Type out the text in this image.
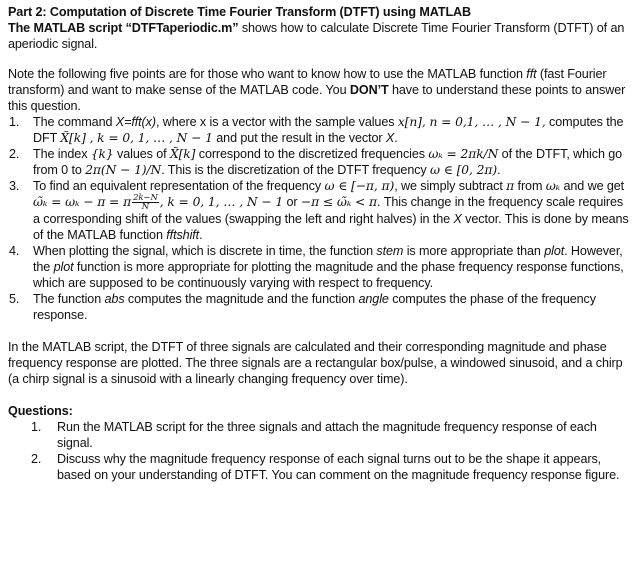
Part 2: Computation of Discrete Time Fourier Transform (DTFT) using MATLAB

The MATLAB script “DTFTaperiodic.m” shows how to calculate Discrete Time Fourier Transform (DTFT) of an aperiodic signal.

Note the following five points are for those who want to know how to use the MATLAB function fft (fast Fourier transform) and want to make sense of the MATLAB code. You DON’T have to understand these points to answer this question.

1. The command X=fft(x), where x is a vector with the sample values x[n], n = 0,1, … , N − 1, computes the DFT X̃[k] , k = 0, 1, … , N − 1 and put the result in the vector X.
2. The index {k} values of X̃[k] correspond to the discretized frequencies ωₖ = 2πk/N of the DTFT, which go from 0 to 2π(N − 1)/N. This is the discretization of the DTFT frequency ω ∈ [0, 2π).
3. To find an equivalent representation of the frequency ω ∈ [−π, π), we simply subtract π from ωₖ and we get ω̃ₖ = ωₖ − π = π $\frac{2k-N}{N}$ , k = 0, 1, … , N − 1 or −π ≤ ω̃ₖ < π. This change in the frequency scale requires a corresponding shift of the values (swapping the left and right halves) in the X vector. This is done by means of the MATLAB function fftshift.
4. When plotting the signal, which is discrete in time, the function stem is more appropriate than plot. However, the plot function is more appropriate for plotting the magnitude and the phase frequency response functions, which are supposed to be continuously varying with respect to frequency.
5. The function abs computes the magnitude and the function angle computes the phase of the frequency response.

In the MATLAB script, the DTFT of three signals are calculated and their corresponding magnitude and phase frequency response are plotted. The three signals are a rectangular box/pulse, a windowed sinusoid, and a chirp (a chirp signal is a sinusoid with a linearly changing frequency over time).

Questions:

1. Run the MATLAB script for the three signals and attach the magnitude frequency response of each signal.
2. Discuss why the magnitude frequency response of each signal turns out to be the shape it appears, based on your understanding of DTFT. You can comment on the magnitude frequency response figure.
